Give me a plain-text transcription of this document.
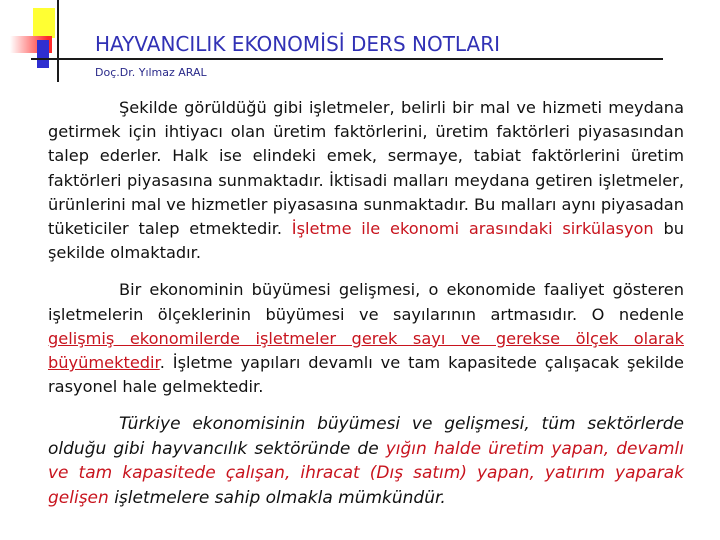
HAYVANCILIK EKONOMİSİ DERS NOTLARI
Doç.Dr. Yılmaz ARAL

Şekilde görüldüğü gibi işletmeler, belirli bir mal ve hizmeti meydana getirmek için ihtiyacı olan üretim faktörlerini, üretim faktörleri piyasasından talep ederler. Halk ise elindeki emek, sermaye, tabiat faktörlerini üretim faktörleri piyasasına sunmaktadır. İktisadi malları meydana getiren işletmeler, ürünlerini mal ve hizmetler piyasasına sunmaktadır. Bu malları aynı piyasadan tüketiciler talep etmektedir. İşletme ile ekonomi arasındaki sirkülasyon bu şekilde olmaktadır.

Bir ekonominin büyümesi gelişmesi, o ekonomide faaliyet gösteren işletmelerin ölçeklerinin büyümesi ve sayılarının artmasıdır. O nedenle gelişmiş ekonomilerde işletmeler gerek sayı ve gerekse ölçek olarak büyümektedir. İşletme yapıları devamlı ve tam kapasitede çalışacak şekilde rasyonel hale gelmektedir.

Türkiye ekonomisinin büyümesi ve gelişmesi, tüm sektörlerde olduğu gibi hayvancılık sektöründe de yığın halde üretim yapan, devamlı ve tam kapasitede çalışan, ihracat (Dış satım) yapan, yatırım yaparak gelişen işletmelere sahip olmakla mümkündür.
